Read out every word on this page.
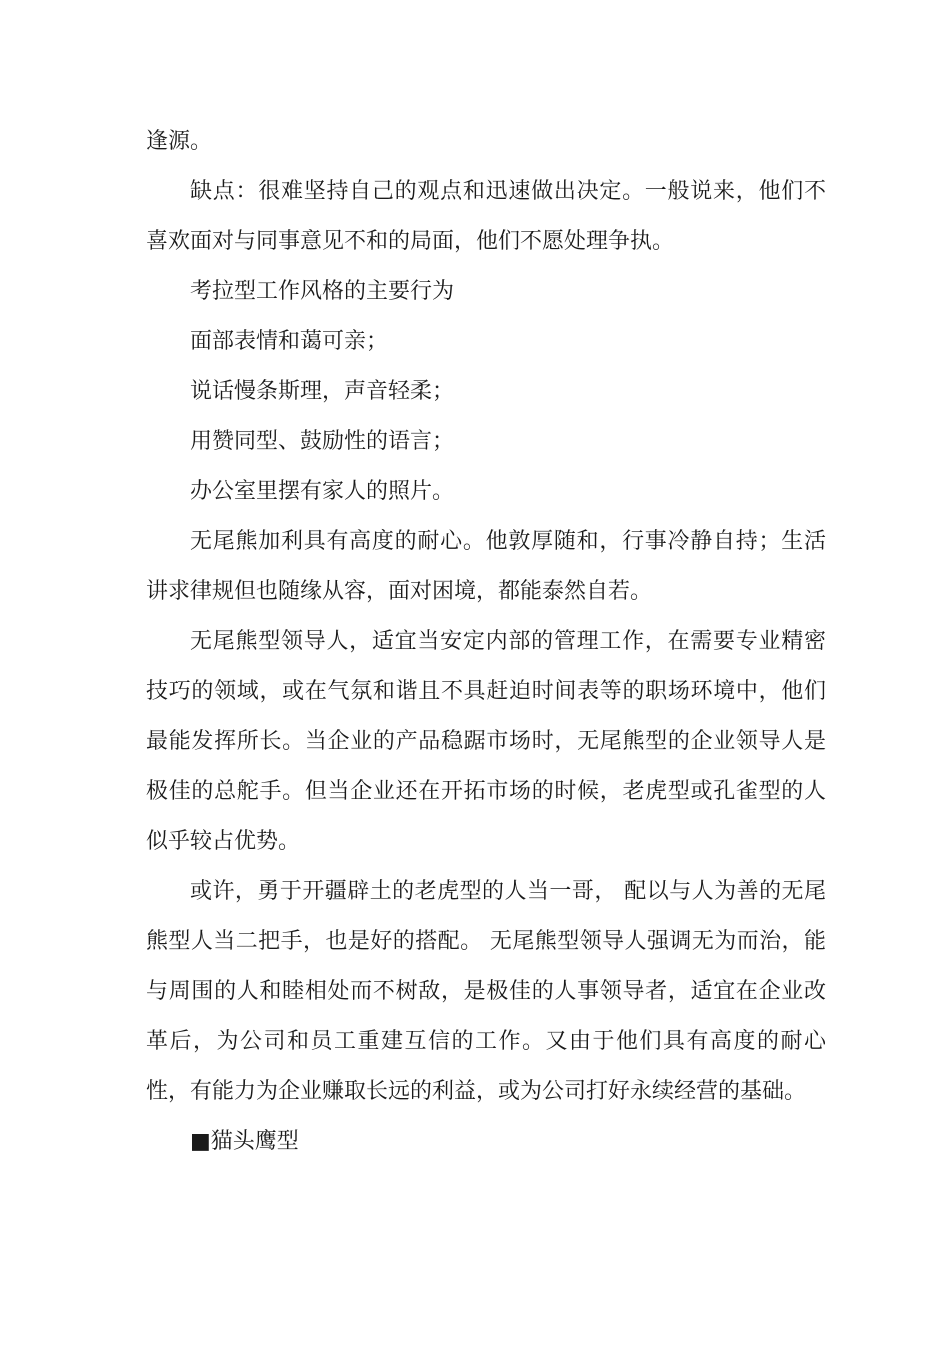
逢源。

缺点：很难坚持自己的观点和迅速做出决定。一般说来，他们不喜欢面对与同事意见不和的局面，他们不愿处理争执。

考拉型工作风格的主要行为

面部表情和蔼可亲；

说话慢条斯理，声音轻柔；

用赞同型、鼓励性的语言；

办公室里摆有家人的照片。

无尾熊加利具有高度的耐心。他敦厚随和，行事冷静自持；生活讲求律规但也随缘从容，面对困境，都能泰然自若。

无尾熊型领导人，适宜当安定内部的管理工作，在需要专业精密技巧的领域，或在气氛和谐且不具赶迫时间表等的职场环境中，他们最能发挥所长。当企业的产品稳踞市场时，无尾熊型的企业领导人是极佳的总舵手。但当企业还在开拓市场的时候，老虎型或孔雀型的人似乎较占优势。

或许，勇于开疆辟土的老虎型的人当一哥， 配以与人为善的无尾熊型人当二把手，也是好的搭配。 无尾熊型领导人强调无为而治，能与周围的人和睦相处而不树敌，是极佳的人事领导者，适宜在企业改革后，为公司和员工重建互信的工作。又由于他们具有高度的耐心性，有能力为企业赚取长远的利益，或为公司打好永续经营的基础。

■猫头鹰型
